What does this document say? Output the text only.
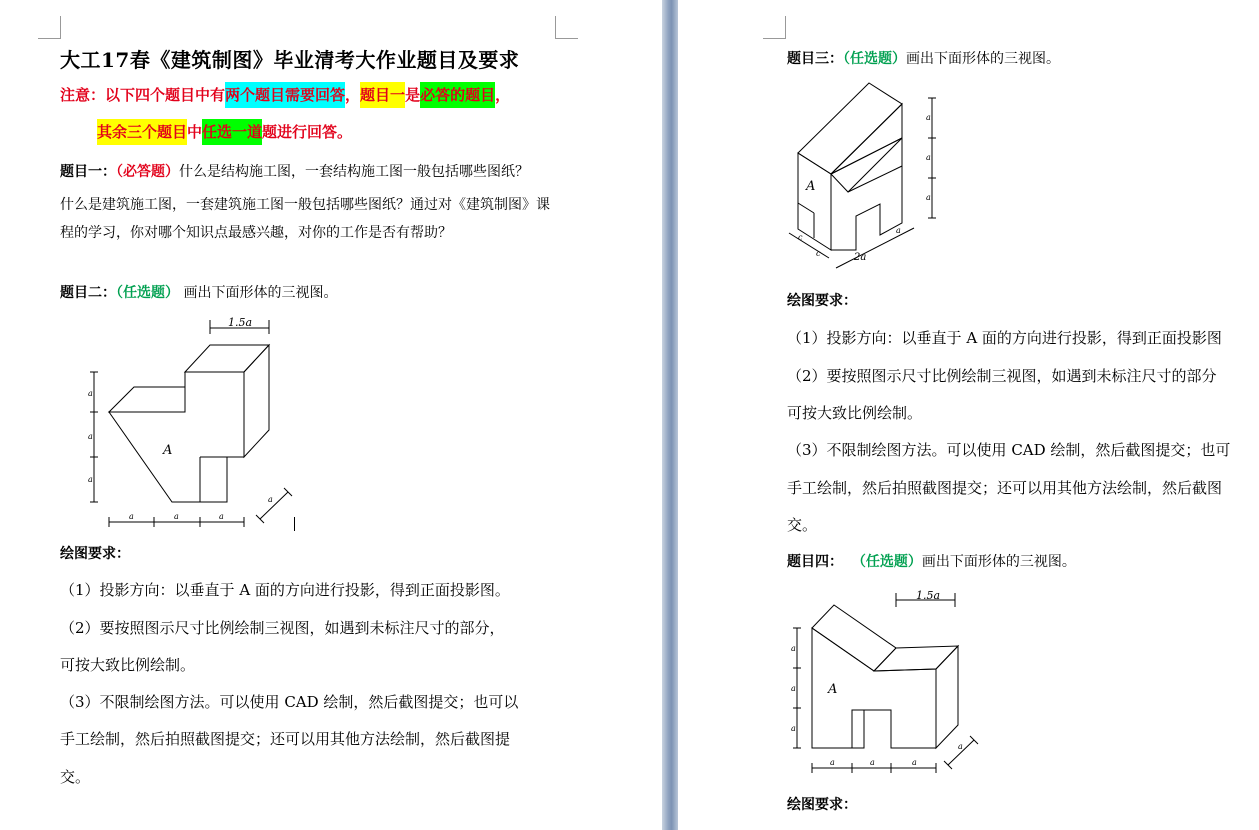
大工17春《建筑制图》毕业清考大作业题目及要求
注意：以下四个题目中有两个题目需要回答，题目一是必答的题目，
其余三个题目中任选一道题进行回答。
题目一：（必答题）什么是结构施工图，一套结构施工图一般包括哪些图纸？
什么是建筑施工图，一套建筑施工图一般包括哪些图纸？通过对《建筑制图》课
程的学习，你对哪个知识点最感兴趣，对你的工作是否有帮助？
题目二：（任选题） 画出下面形体的三视图。
1.5a
A
a
a
a
a	a	a
a
绘图要求：
（1）投影方向：以垂直于 A 面的方向进行投影，得到正面投影图。
（2）要按照图示尺寸比例绘制三视图，如遇到未标注尺寸的部分，
可按大致比例绘制。
（3）不限制绘图方法。可以使用 CAD 绘制，然后截图提交；也可以
手工绘制，然后拍照截图提交；还可以用其他方法绘制，然后截图提
交。
题目三：（任选题）画出下面形体的三视图。
A
a
a
a
c
c	2a
a
绘图要求：
（1）投影方向：以垂直于 A 面的方向进行投影，得到正面投影图
（2）要按照图示尺寸比例绘制三视图，如遇到未标注尺寸的部分
可按大致比例绘制。
（3）不限制绘图方法。可以使用 CAD 绘制，然后截图提交；也可
手工绘制，然后拍照截图提交；还可以用其他方法绘制，然后截图
交。
题目四： （任选题）画出下面形体的三视图。
1.5a
A
a
a
a
a	a	a
a
绘图要求：
